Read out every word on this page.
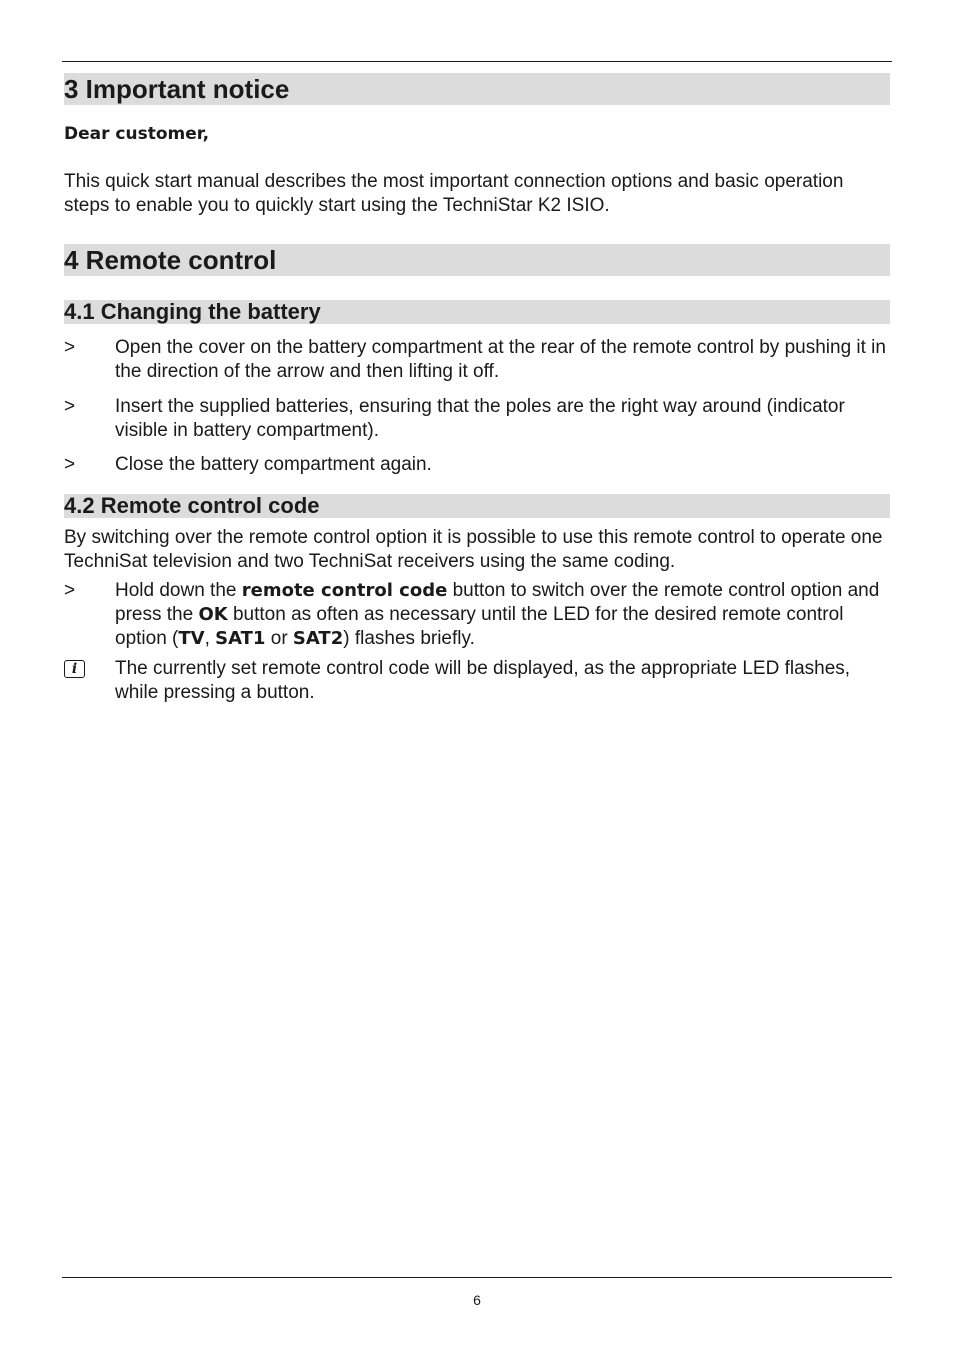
3 Important notice
Dear customer,

This quick start manual describes the most important connection options and basic operation steps to enable you to quickly start using the TechniStar K2 ISIO.

4 Remote control
4.1 Changing the battery
>	Open the cover on the battery compartment at the rear of the remote control by pushing it in the direction of the arrow and then lifting it off.
>	Insert the supplied batteries, ensuring that the poles are the right way around (indicator visible in battery compartment).
>	Close the battery compartment again.
4.2 Remote control code

By switching over the remote control option it is possible to use this remote control to operate one TechniSat television and two TechniSat receivers using the same coding.

>	Hold down the remote control code button to switch over the remote control option and press the OK button as often as necessary until the LED for the desired remote control option (TV, SAT1 or SAT2) flashes briefly.
i	The currently set remote control code will be displayed, as the appropriate LED flashes, while pressing a button.
6
